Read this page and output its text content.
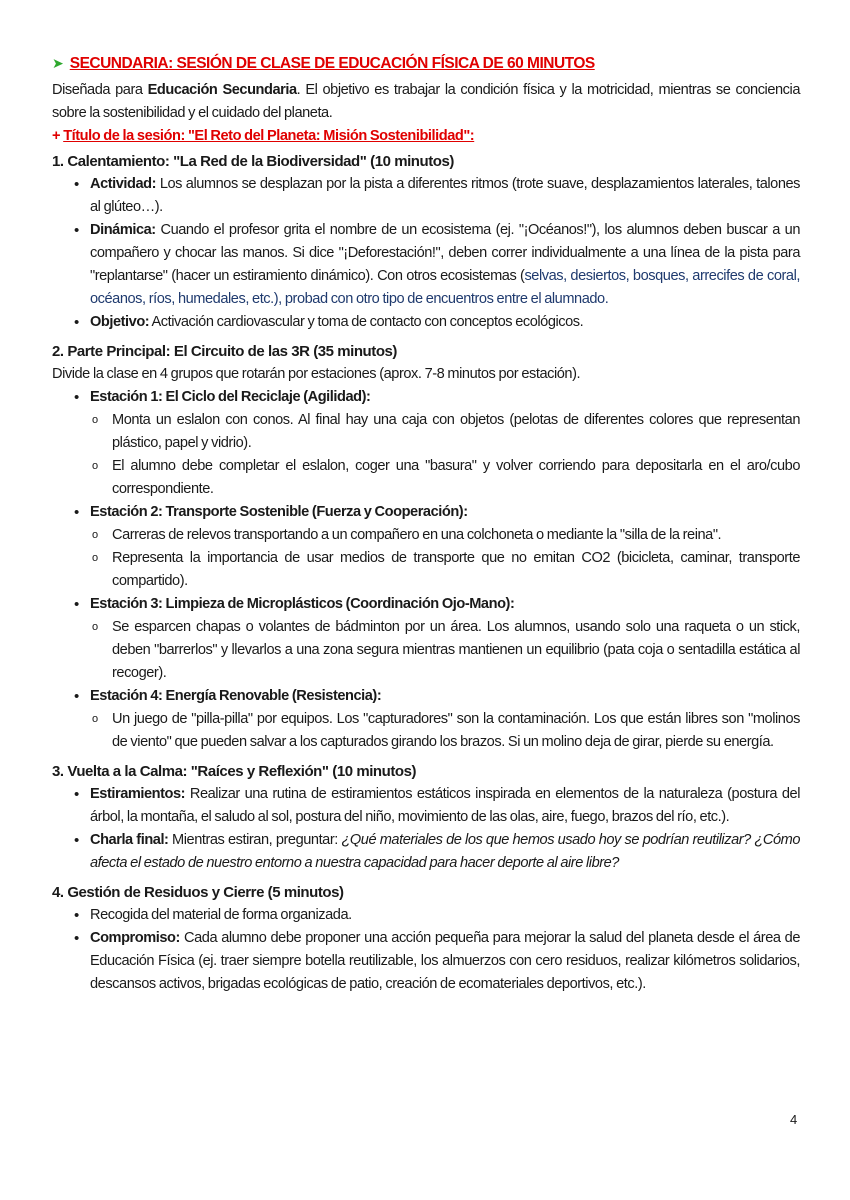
➤ SECUNDARIA: SESIÓN DE CLASE DE EDUCACIÓN FÍSICA DE 60 MINUTOS
Diseñada para Educación Secundaria. El objetivo es trabajar la condición física y la motricidad, mientras se conciencia sobre la sostenibilidad y el cuidado del planeta.
+ Título de la sesión: "El Reto del Planeta: Misión Sostenibilidad":
1. Calentamiento: "La Red de la Biodiversidad" (10 minutos)
• Actividad: Los alumnos se desplazan por la pista a diferentes ritmos (trote suave, desplazamientos laterales, talones al glúteo…).
• Dinámica: Cuando el profesor grita el nombre de un ecosistema (ej. "¡Océanos!"), los alumnos deben buscar a un compañero y chocar las manos. Si dice "¡Deforestación!", deben correr individualmente a una línea de la pista para "replantarse" (hacer un estiramiento dinámico). Con otros ecosistemas (selvas, desiertos, bosques, arrecifes de coral, océanos, ríos, humedales, etc.), probad con otro tipo de encuentros entre el alumnado.
• Objetivo: Activación cardiovascular y toma de contacto con conceptos ecológicos.
2. Parte Principal: El Circuito de las 3R (35 minutos)
Divide la clase en 4 grupos que rotarán por estaciones (aprox. 7-8 minutos por estación).
• Estación 1: El Ciclo del Reciclaje (Agilidad):
o Monta un eslalon con conos. Al final hay una caja con objetos (pelotas de diferentes colores que representan plástico, papel y vidrio).
o El alumno debe completar el eslalon, coger una "basura" y volver corriendo para depositarla en el aro/cubo correspondiente.
• Estación 2: Transporte Sostenible (Fuerza y Cooperación):
o Carreras de relevos transportando a un compañero en una colchoneta o mediante la "silla de la reina".
o Representa la importancia de usar medios de transporte que no emitan CO2 (bicicleta, caminar, transporte compartido).
• Estación 3: Limpieza de Microplásticos (Coordinación Ojo-Mano):
o Se esparcen chapas o volantes de bádminton por un área. Los alumnos, usando solo una raqueta o un stick, deben "barrerlos" y llevarlos a una zona segura mientras mantienen un equilibrio (pata coja o sentadilla estática al recoger).
• Estación 4: Energía Renovable (Resistencia):
o Un juego de "pilla-pilla" por equipos. Los "capturadores" son la contaminación. Los que están libres son "molinos de viento" que pueden salvar a los capturados girando los brazos. Si un molino deja de girar, pierde su energía.
3. Vuelta a la Calma: "Raíces y Reflexión" (10 minutos)
• Estiramientos: Realizar una rutina de estiramientos estáticos inspirada en elementos de la naturaleza (postura del árbol, la montaña, el saludo al sol, postura del niño, movimiento de las olas, aire, fuego, brazos del río, etc.).
• Charla final: Mientras estiran, preguntar: ¿Qué materiales de los que hemos usado hoy se podrían reutilizar? ¿Cómo afecta el estado de nuestro entorno a nuestra capacidad para hacer deporte al aire libre?
4. Gestión de Residuos y Cierre (5 minutos)
• Recogida del material de forma organizada.
• Compromiso: Cada alumno debe proponer una acción pequeña para mejorar la salud del planeta desde el área de Educación Física (ej. traer siempre botella reutilizable, los almuerzos con cero residuos, realizar kilómetros solidarios, descansos activos, brigadas ecológicas de patio, creación de ecomateriales deportivos, etc.).
4
